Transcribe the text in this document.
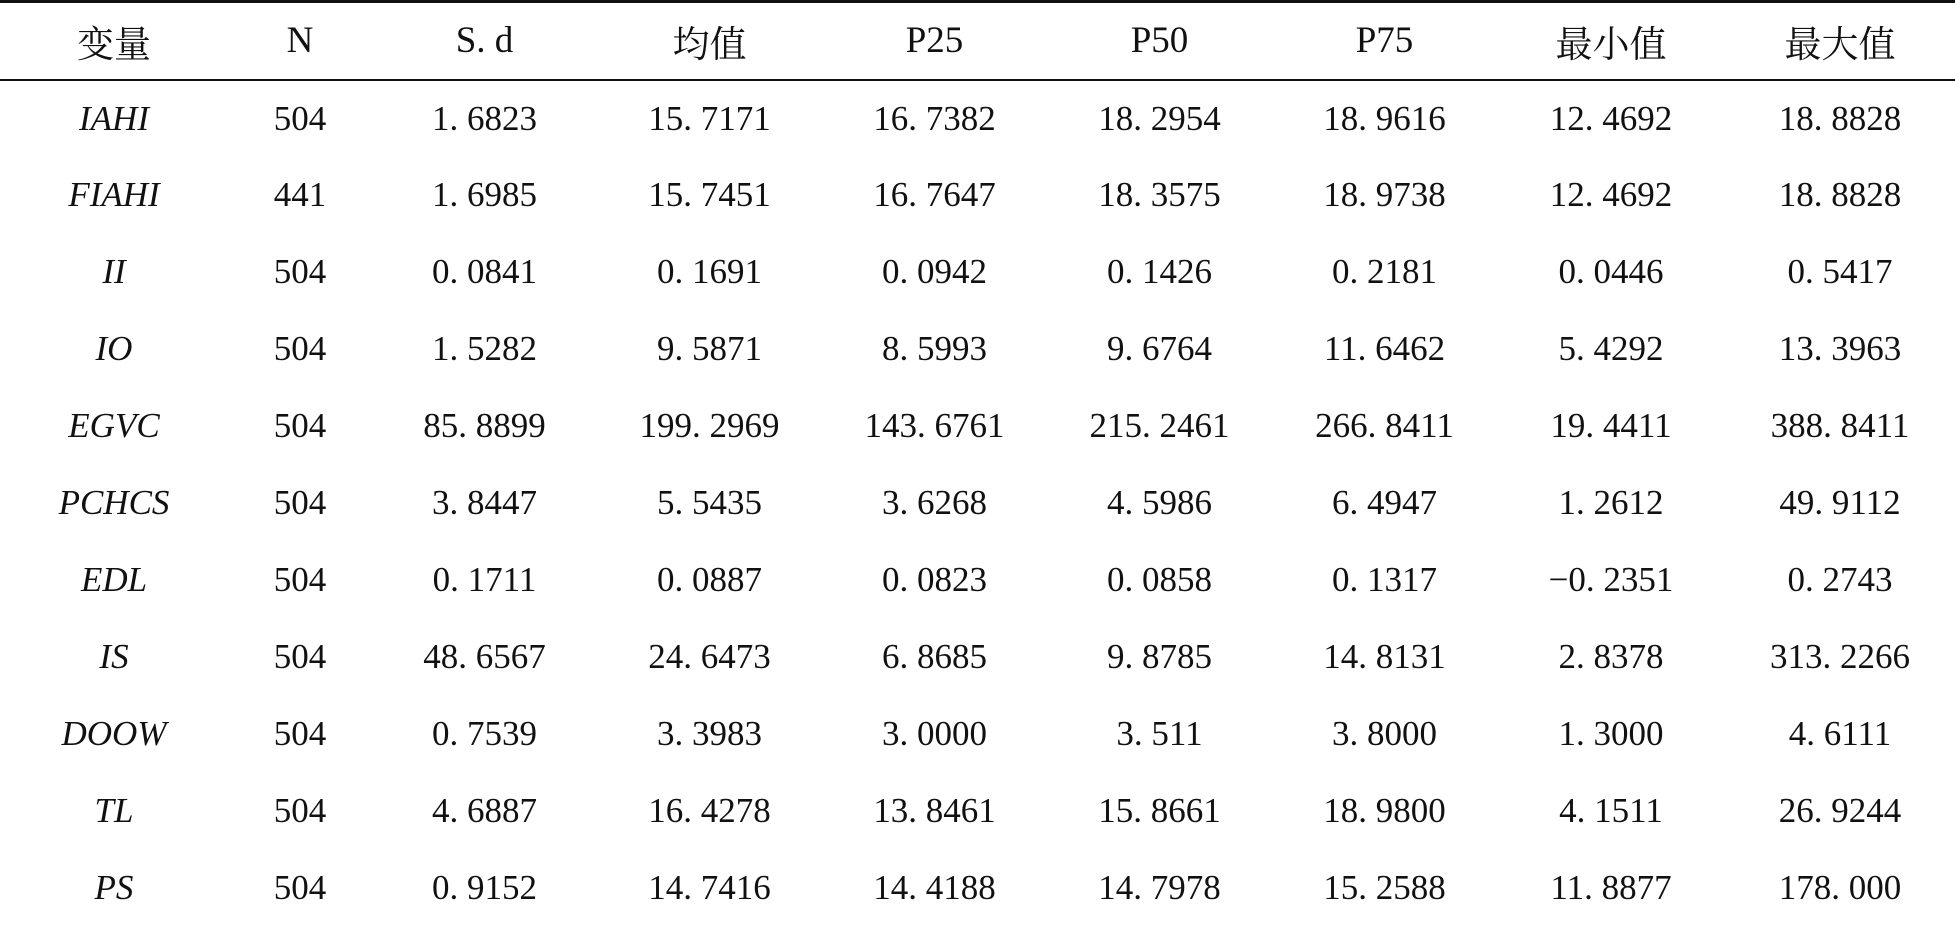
变量	N	S. d	均值	P25	P50	P75	最小值	最大值
IAHI	504	1. 6823	15. 7171	16. 7382	18. 2954	18. 9616	12. 4692	18. 8828
FIAHI	441	1. 6985	15. 7451	16. 7647	18. 3575	18. 9738	12. 4692	18. 8828
II	504	0. 0841	0. 1691	0. 0942	0. 1426	0. 2181	0. 0446	0. 5417
IO	504	1. 5282	9. 5871	8. 5993	9. 6764	11. 6462	5. 4292	13. 3963
EGVC	504	85. 8899	199. 2969	143. 6761	215. 2461	266. 8411	19. 4411	388. 8411
PCHCS	504	3. 8447	5. 5435	3. 6268	4. 5986	6. 4947	1. 2612	49. 9112
EDL	504	0. 1711	0. 0887	0. 0823	0. 0858	0. 1317	−0. 2351	0. 2743
IS	504	48. 6567	24. 6473	6. 8685	9. 8785	14. 8131	2. 8378	313. 2266
DOOW	504	0. 7539	3. 3983	3. 0000	3. 511	3. 8000	1. 3000	4. 6111
TL	504	4. 6887	16. 4278	13. 8461	15. 8661	18. 9800	4. 1511	26. 9244
PS	504	0. 9152	14. 7416	14. 4188	14. 7978	15. 2588	11. 8877	178. 000
